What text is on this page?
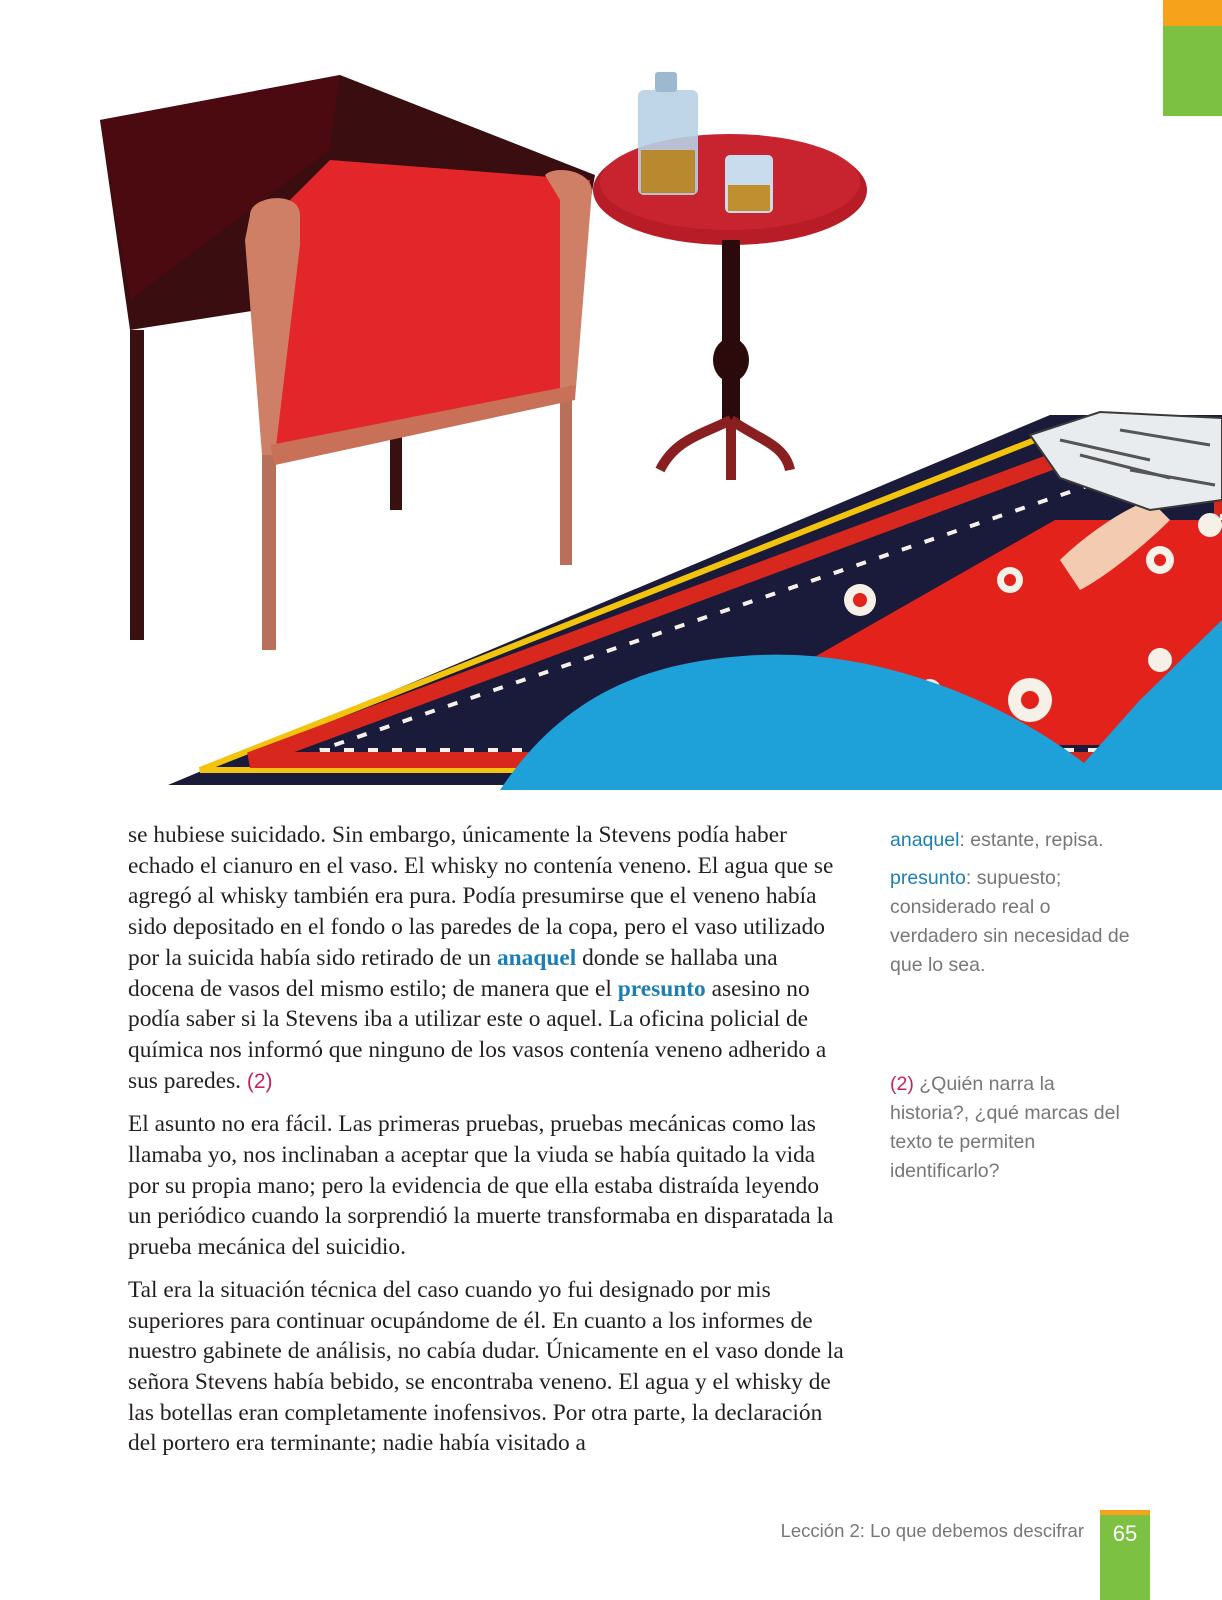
se hubiese suicidado. Sin embargo, únicamente la Stevens podía haber echado el cianuro en el vaso. El whisky no contenía veneno. El agua que se agregó al whisky también era pura. Podía presumirse que el veneno había sido depositado en el fondo o las paredes de la copa, pero el vaso utilizado por la suicida había sido retirado de un anaquel donde se hallaba una docena de vasos del mismo estilo; de manera que el presunto asesino no podía saber si la Stevens iba a utilizar este o aquel. La oficina policial de química nos informó que ninguno de los vasos contenía veneno adherido a sus paredes. (2)

El asunto no era fácil. Las primeras pruebas, pruebas mecánicas como las llamaba yo, nos inclinaban a aceptar que la viuda se había quitado la vida por su propia mano; pero la evidencia de que ella estaba distraída leyendo un periódico cuando la sorprendió la muerte transformaba en disparatada la prueba mecánica del suicidio.

Tal era la situación técnica del caso cuando yo fui designado por mis superiores para continuar ocupándome de él. En cuanto a los informes de nuestro gabinete de análisis, no cabía dudar. Únicamente en el vaso donde la señora Stevens había bebido, se encontraba veneno. El agua y el whisky de las botellas eran completamente inofensivos. Por otra parte, la declaración del portero era terminante; nadie había visitado a

anaquel: estante, repisa.
presunto: supuesto; considerado real o verdadero sin necesidad de que lo sea.
(2) ¿Quién narra la historia?, ¿qué marcas del texto te permiten identificarlo?
Lección 2: Lo que debemos descifrar	65
